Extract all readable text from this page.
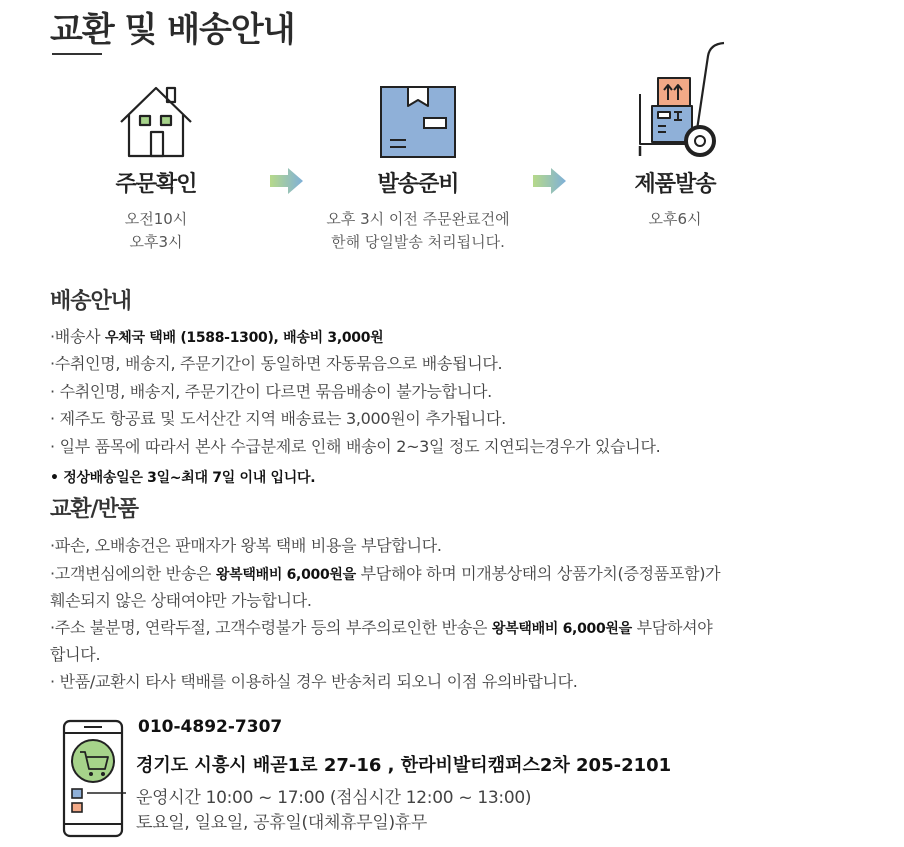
교환 및 배송안내
주문확인
오전10시
오후3시
발송준비
오후 3시 이전 주문완료건에
한해 당일발송 처리됩니다.
제품발송
오후6시
배송안내
·배송사 우체국 택배 (1588-1300), 배송비 3,000원
·수취인명, 배송지, 주문기간이 동일하면 자동묶음으로 배송됩니다.
· 수취인명, 배송지, 주문기간이 다르면 묶음배송이 불가능합니다.
· 제주도 항공료 및 도서산간 지역 배송료는 3,000원이 추가됩니다.
· 일부 품목에 따라서 본사 수급분제로 인해 배송이 2~3일 정도 지연되는경우가 있습니다.
• 정상배송일은 3일~최대 7일 이내 입니다.
교환/반품
·파손, 오배송건은 판매자가 왕복 택배 비용을 부담합니다.
·고객변심에의한 반송은 왕복택배비 6,000원을 부담해야 하며 미개봉상태의 상품가치(증정품포함)가
훼손되지 않은 상태여야만 가능합니다.
·주소 불분명, 연락두절, 고객수령불가 등의 부주의로인한 반송은 왕복택배비 6,000원을 부담하셔야
합니다.
· 반품/교환시 타사 택배를 이용하실 경우 반송처리 되오니 이점 유의바랍니다.
010-4892-7307
경기도 시흥시 배곧1로 27-16 , 한라비발티캠퍼스2차 205-2101
운영시간 10:00 ~ 17:00 (점심시간 12:00 ~ 13:00)
토요일, 일요일, 공휴일(대체휴무일)휴무
